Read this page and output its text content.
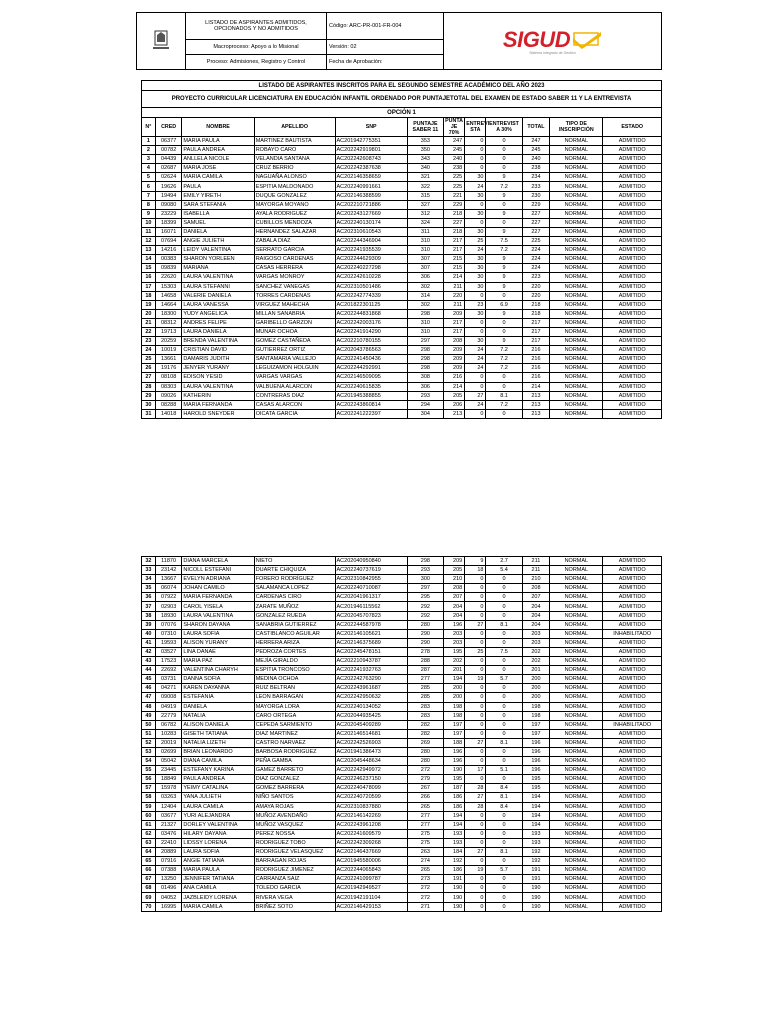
	LISTADO DE ASPIRANTES ADMITIDOS, OPCIONADOS Y NO ADMITIDOS	Código: ARC-PR-001-FR-004	SIGUD
Sistema Integrado de Gestión

	Macroproceso: Apoyo a lo Misional	Versión: 02	
	Proceso: Admisiones, Registro y Control	Fecha de Aprobación:	
LISTADO DE ASPIRANTES INSCRITOS PARA EL SEGUNDO SEMESTRE ACADÉMICO DEL AÑO 2023											
PROYECTO CURRICULAR LICENCIATURA EN EDUCACIÓN INFANTIL ORDENADO POR PUNTAJETOTAL DEL EXAMEN DE ESTADO SABER 11 Y LA ENTREVISTA											
OPCIÓN 1											
N°	CRED	NOMBRE	APELLIDO	SNP	PUNTAJE SABER 11	PUNTA JE 70%	ENTREVI STA	ENTREVIST A 30%	TOTAL	TIPO DE INSCRIPCIÓN	ESTADO
1	06377	MARIA PAULA	MARTINEZ BAUTISTA	AC201942775351	353	247	0	0	247	NORMAL	ADMITIDO
2	00782	PAULA ANDREA	ROBAYO CARO	AC202242919801	350	245	0	0	245	NORMAL	ADMITIDO
3	04439	ANLLELA NICOLE	VELANDIA SANTANA	AC202242608743	343	240	0	0	240	NORMAL	ADMITIDO
4	02687	MARIA JOSE	CRUZ BERRIO	AC202242387638	340	238	0	0	238	NORMAL	ADMITIDO
5	02624	MARIA CAMILA	NAGUAÑA ALONSO	AC202146358659	321	225	30	9	234	NORMAL	ADMITIDO
6	19626	PAULA	ESPITIA MALDONADO	AC202240991661	322	225	24	7.2	233	NORMAL	ADMITIDO
7	19494	EMILY YIRETH	DUQUE GONZALEZ	AC202146388599	315	221	30	9	230	NORMAL	ADMITIDO
8	09080	SARA STEFANIA	MAYORGA MOYANO	AC202210721886	327	229	0	0	229	NORMAL	ADMITIDO
9	23229	ISABELLA	AYALA RODRIGUEZ	AC202243127669	312	218	30	9	227	NORMAL	ADMITIDO
10	18399	SAMUEL	CUBILLOS MENDOZA	AC202240130174	324	227	0	0	227	NORMAL	ADMITIDO
11	16071	DANIELA	HERNANDEZ SALAZAR	AC202310610543	311	218	30	9	227	NORMAL	ADMITIDO
12	07694	ANGIE JULIETH	ZABALA DIAZ	AC202244346904	310	217	25	7.5	225	NORMAL	ADMITIDO
13	14216	LEIDY VALENTINA	SERRATO GARCIA	AC202241935539	310	217	24	7.2	224	NORMAL	ADMITIDO
14	00383	SHARON YORLEEN	RAIGOSO CARDENAS	AC202244629309	307	215	30	9	224	NORMAL	ADMITIDO
15	09839	MARIANA	CASAS HERRERA	AC202240227298	307	215	30	9	224	NORMAL	ADMITIDO
16	22620	LAURA VALENTINA	VARGAS MONROY	AC202242610228	306	214	30	9	223	NORMAL	ADMITIDO
17	15303	LAURA STEFANNI	SANCHEZ VANEGAS	AC202310501486	302	211	30	9	220	NORMAL	ADMITIDO
18	14658	VALERIE DANIELA	TORRES CARDENAS	AC202242774339	314	220	0	0	220	NORMAL	ADMITIDO
19	14664	LAURA VANESSA	VIRGUEZ MAHECHA	AC201822301125	302	211	23	6.9	218	NORMAL	ADMITIDO
20	18300	YUDY ANGELICA	MILLAN SANABRIA	AC202244831868	298	209	30	9	218	NORMAL	ADMITIDO
21	08312	ANDRES FELIPE	GARIBELLO GARZON	AC202242003176	310	217	0	0	217	NORMAL	ADMITIDO
22	19713	LAURA DANIELA	MUNAR OCHOA	AC202241914290	310	217	0	0	217	NORMAL	ADMITIDO
23	20259	BRENDA VALENTINA	GOMEZ CASTAÑEDA	AC202210780155	297	208	30	9	217	NORMAL	ADMITIDO
24	10019	CRISTIAN DAVID	GUTIERREZ ORTIZ	AC202043786563	298	209	24	7.2	216	NORMAL	ADMITIDO
25	13661	DAMARIS JUDITH	SANTAMARIA VALLEJO	AC202241450436	298	209	24	7.2	216	NORMAL	ADMITIDO
26	19176	JENYER YURANY	LEGUIZAMON HOLGUIN	AC202244292991	298	209	24	7.2	216	NORMAL	ADMITIDO
27	08108	EDISON YESID	VARGAS VARGAS	AC202146509095	308	216	0	0	216	NORMAL	ADMITIDO
28	08303	LAURA VALENTINA	VALBUENA ALARCON	AC202240615835	306	214	0	0	214	NORMAL	ADMITIDO
29	09026	KATHERIN	CONTRERAS DIAZ	AC201945388855	293	205	27	8.1	213	NORMAL	ADMITIDO
30	08288	MARIA FERNANDA	CASAS ALARCON	AC202243860814	294	206	24	7.2	213	NORMAL	ADMITIDO
31	14018	HAROLD SNEYDER	OICATA GARCIA	AC202241222397	304	213	0	0	213	NORMAL	ADMITIDO
32	11870	DIANA MARCELA	NIETO	AC202040950840	298	209	9	2.7	211	NORMAL	ADMITIDO
33	23142	NICOLL ESTEFANI	DUARTE CHIQUIZA	AC202240737619	293	205	18	5.4	211	NORMAL	ADMITIDO
34	13667	EVELYN ADRIANA	FORERO RODRÍGUEZ	AC202310842955	300	210	0	0	210	NORMAL	ADMITIDO
35	06074	JOHAN CAMILO	SALAMANCA LOPEZ	AC202240710087	297	208	0	0	208	NORMAL	ADMITIDO
36	07922	MARIA FERNANDA	CARDENAS CIRO	AC202041961317	295	207	0	0	207	NORMAL	ADMITIDO
37	02903	CAROL YISELA	ZARATE MUÑOZ	AC201946115562	292	204	0	0	204	NORMAL	ADMITIDO
38	18930	LAURA VALENTINA	GONZALEZ RUEDA	AC202045707823	292	204	0	0	204	NORMAL	ADMITIDO
39	07076	SHARON DAYANA	SANABRIA GUTIERREZ	AC202244587978	280	196	27	8.1	204	NORMAL	ADMITIDO
40	07310	LAURA SOFIA	CASTIBLANCO AGUILAR	AC202146105621	290	203	0	0	203	NORMAL	INHABILITADO
41	19593	ALISON YURANY	HERRERA ARIZA	AC202146375689	290	203	0	0	203	NORMAL	ADMITIDO
42	03527	LINA DANAE	PEDROZA CORTES	AC202245478151	278	195	25	7.5	202	NORMAL	ADMITIDO
43	17523	MARIA PAZ	MEJÍA GIRALDO	AC202210943787	288	202	0	0	202	NORMAL	ADMITIDO
44	22692	VALENTINA CHARYH	ESPITIA TRONCOSO	AC202241932763	287	201	0	0	201	NORMAL	ADMITIDO
45	03731	DANNA SOFIA	MEDINA OCHOA	AC202242763290	277	194	19	5.7	200	NORMAL	ADMITIDO
46	04271	KAREN DAYANNA	RUIZ BELTRAN	AC202243961687	285	200	0	0	200	NORMAL	ADMITIDO
47	09008	ESTEFANIA	LEON BARRAGAN	AC202242950632	285	200	0	0	200	NORMAL	ADMITIDO
48	04919	DANIELA	MAYORGA LORA	AC202240134052	283	198	0	0	198	NORMAL	ADMITIDO
49	22779	NATALIA	CARO ORTEGA	AC202044935425	283	198	0	0	198	NORMAL	ADMITIDO
50	06782	ALISON DANIELA	CEPEDA SARMIENTO	AC202045409289	282	197	0	0	197	NORMAL	INHABILITADO
51	10283	GISETH TATIANA	DIAZ MARTINEZ	AC202146514681	282	197	0	0	197	NORMAL	ADMITIDO
52	20019	NATALIA LIZETH	CASTRO NARVAEZ	AC202242526903	269	188	27	8.1	196	NORMAL	ADMITIDO
53	02699	BRIAN LEONARDO	BARBOSA RODRIGUEZ	AC201941386473	280	196	0	0	196	NORMAL	ADMITIDO
54	05042	DIANA CAMILA	PEÑA GAMBA	AC202045448634	280	196	0	0	196	NORMAL	ADMITIDO
55	23445	ESTEFANY KARINA	GAMEZ BARRETO	AC202242949972	272	190	17	5.1	196	NORMAL	ADMITIDO
56	18849	PAULA ANDREA	DIAZ GONZALEZ	AC202246237150	279	195	0	0	195	NORMAL	ADMITIDO
57	15978	YEIMY CATALINA	GOMEZ BARRERA	AC202240478099	267	187	28	8.4	195	NORMAL	ADMITIDO
58	03263	YANA JULIETH	NIÑO SANTOS	AC202240720599	266	186	27	8.1	194	NORMAL	ADMITIDO
59	12404	LAURA CAMILA	AMAYA ROJAS	AC202310837880	265	186	28	8.4	194	NORMAL	ADMITIDO
60	03677	YURI ALEJANDRA	MUÑOZ AVENDAÑO	AC202146142269	277	194	0	0	194	NORMAL	ADMITIDO
61	21327	DORLEY VALENTINA	MUÑOZ VASQUEZ	AC202243961208	277	194	0	0	194	NORMAL	ADMITIDO
62	03476	HILARY DAYANA	PEREZ NOSSA	AC202241609579	275	193	0	0	193	NORMAL	ADMITIDO
63	22410	LIDSSY LORENA	RODRIGUEZ TOBO	AC202242309268	275	193	0	0	193	NORMAL	ADMITIDO
64	20889	LAURA SOFIA	RODRIGUEZ VELASQUEZ	AC202146437669	263	184	27	8.1	192	NORMAL	ADMITIDO
65	07916	ANGIE TATIANA	BARRAGAN ROJAS	AC201945580006	274	192	0	0	192	NORMAL	ADMITIDO
66	07388	MARIA PAULA	RODRIGUEZ JIMENEZ	AC202244065843	265	186	19	5.7	191	NORMAL	ADMITIDO
67	13250	JENNIFER TATIANA	CARRANZA SAIZ	AC202241099787	273	191	0	0	191	NORMAL	ADMITIDO
68	01496	ANA CAMILA	TOLEDO GARCIA	AC201942949527	272	190	0	0	190	NORMAL	ADMITIDO
69	04052	JAZBLEIDY LORENA	RIVERA VEGA	AC201942191104	272	190	0	0	190	NORMAL	ADMITIDO
70	16995	MARIA CAMILA	BRIÑEZ SOTO	AC202146429153	271	190	0	0	190	NORMAL	ADMITIDO
